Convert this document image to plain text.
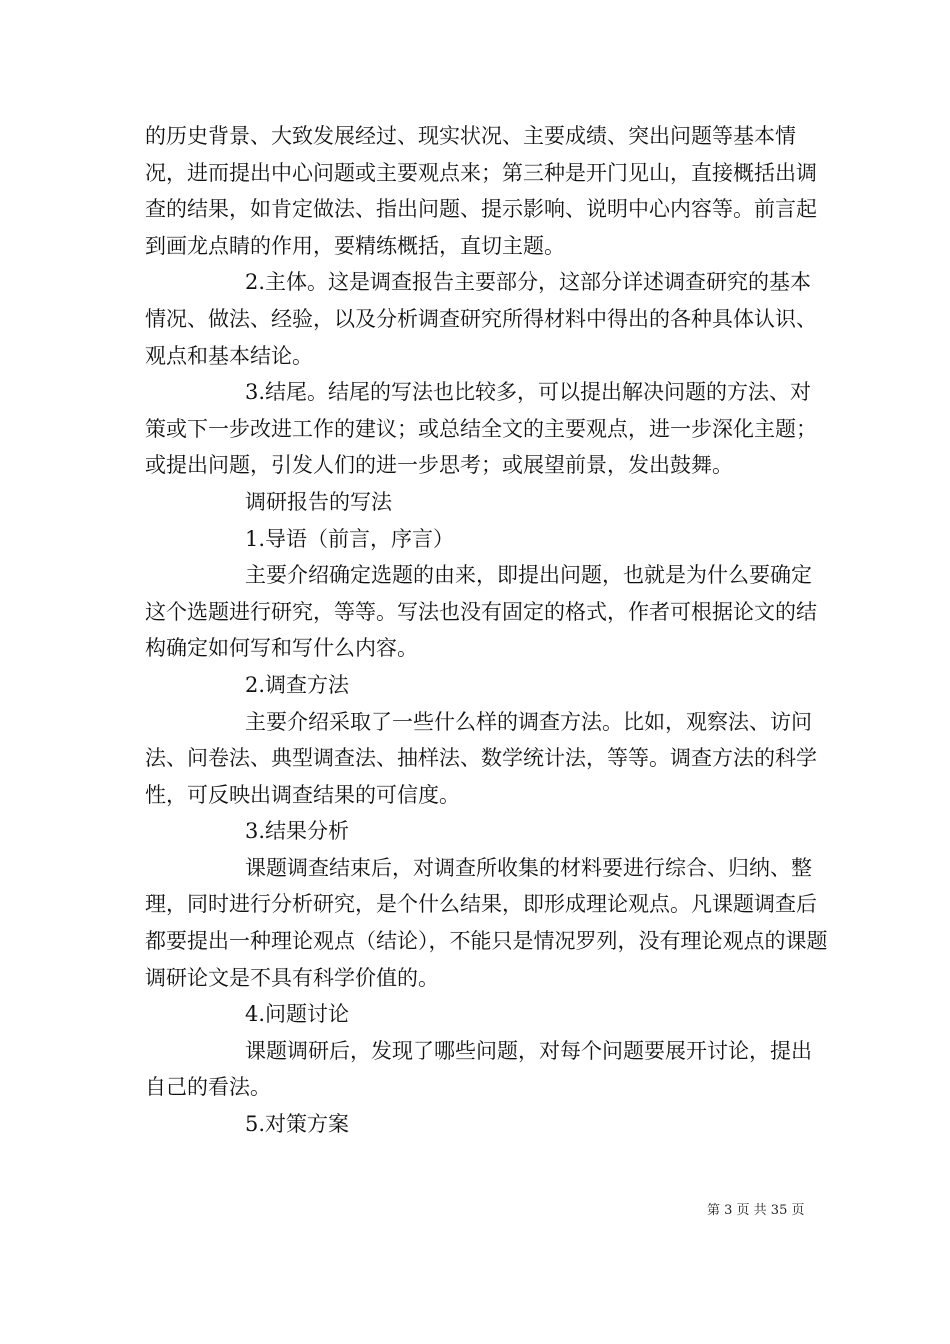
的历史背景、大致发展经过、现实状况、主要成绩、突出问题等基本情况，进而提出中心问题或主要观点来；第三种是开门见山，直接概括出调查的结果，如肯定做法、指出问题、提示影响、说明中心内容等。前言起到画龙点睛的作用，要精练概括，直切主题。

2.主体。这是调查报告主要部分，这部分详述调查研究的基本情况、做法、经验，以及分析调查研究所得材料中得出的各种具体认识、观点和基本结论。

3.结尾。结尾的写法也比较多，可以提出解决问题的方法、对策或下一步改进工作的建议；或总结全文的主要观点，进一步深化主题；或提出问题，引发人们的进一步思考；或展望前景，发出鼓舞。

调研报告的写法

1.导语（前言，序言）

主要介绍确定选题的由来，即提出问题，也就是为什么要确定这个选题进行研究，等等。写法也没有固定的格式，作者可根据论文的结构确定如何写和写什么内容。

2.调查方法

主要介绍采取了一些什么样的调查方法。比如，观察法、访问法、问卷法、典型调查法、抽样法、数学统计法，等等。调查方法的科学性，可反映出调查结果的可信度。

3.结果分析

课题调查结束后，对调查所收集的材料要进行综合、归纳、整理，同时进行分析研究，是个什么结果，即形成理论观点。凡课题调查后都要提出一种理论观点（结论），不能只是情况罗列，没有理论观点的课题调研论文是不具有科学价值的。

4.问题讨论

课题调研后，发现了哪些问题，对每个问题要展开讨论，提出自己的看法。

5.对策方案

第 3 页 共 35 页
